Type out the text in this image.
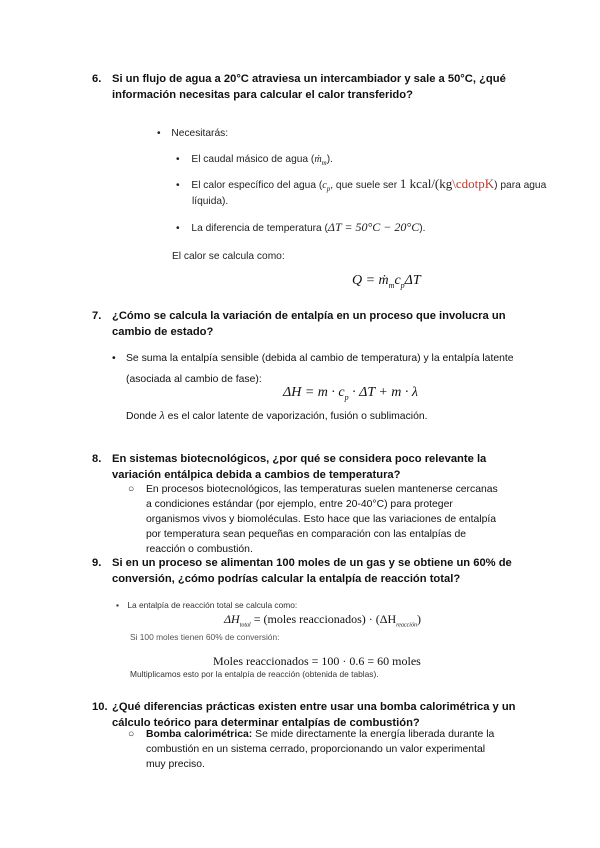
6. Si un flujo de agua a 20°C atraviesa un intercambiador y sale a 50°C, ¿qué información necesitas para calcular el calor transferido?
• Necesitarás:
• El caudal másico de agua (ṁ$_m$).
• El calor específico del agua ($c_p$, que suele ser 1 kcal/(kg\cdotpK) para agua
líquida).
• La diferencia de temperatura (ΔT = 50°C − 20°C).
El calor se calcula como:
$Q = ṁ_mc_p\Delta T$
7. ¿Cómo se calcula la variación de entalpía en un proceso que involucra un cambio de estado?
• Se suma la entalpía sensible (debida al cambio de temperatura) y la entalpía latente
(asociada al cambio de fase):
$\Delta H = m \cdot c_p \cdot \Delta T + m \cdot \lambda$
Donde λ es el calor latente de vaporización, fusión o sublimación.
8. En sistemas biotecnológicos, ¿por qué se considera poco relevante la variación entálpica debida a cambios de temperatura?
○ En procesos biotecnológicos, las temperaturas suelen mantenerse cercanas
a condiciones estándar (por ejemplo, entre 20-40°C) para proteger
organismos vivos y biomoléculas. Esto hace que las variaciones de entalpía
por temperatura sean pequeñas en comparación con las entalpías de
reacción o combustión.
9. Si en un proceso se alimentan 100 moles de un gas y se obtiene un 60% de conversión, ¿cómo podrías calcular la entalpía de reacción total?
▪ La entalpía de reacción total se calcula como:
$\Delta H_{total}$ = (moles reaccionados) · $(\Delta H_{reacción})$
Si 100 moles tienen 60% de conversión:
Moles reaccionados = 100 · 0.6 = 60 moles
Multiplicamos esto por la entalpía de reacción (obtenida de tablas).
10. ¿Qué diferencias prácticas existen entre usar una bomba calorimétrica y un cálculo teórico para determinar entalpías de combustión?
○ Bomba calorimétrica: Se mide directamente la energía liberada durante la
combustión en un sistema cerrado, proporcionando un valor experimental
muy preciso.
